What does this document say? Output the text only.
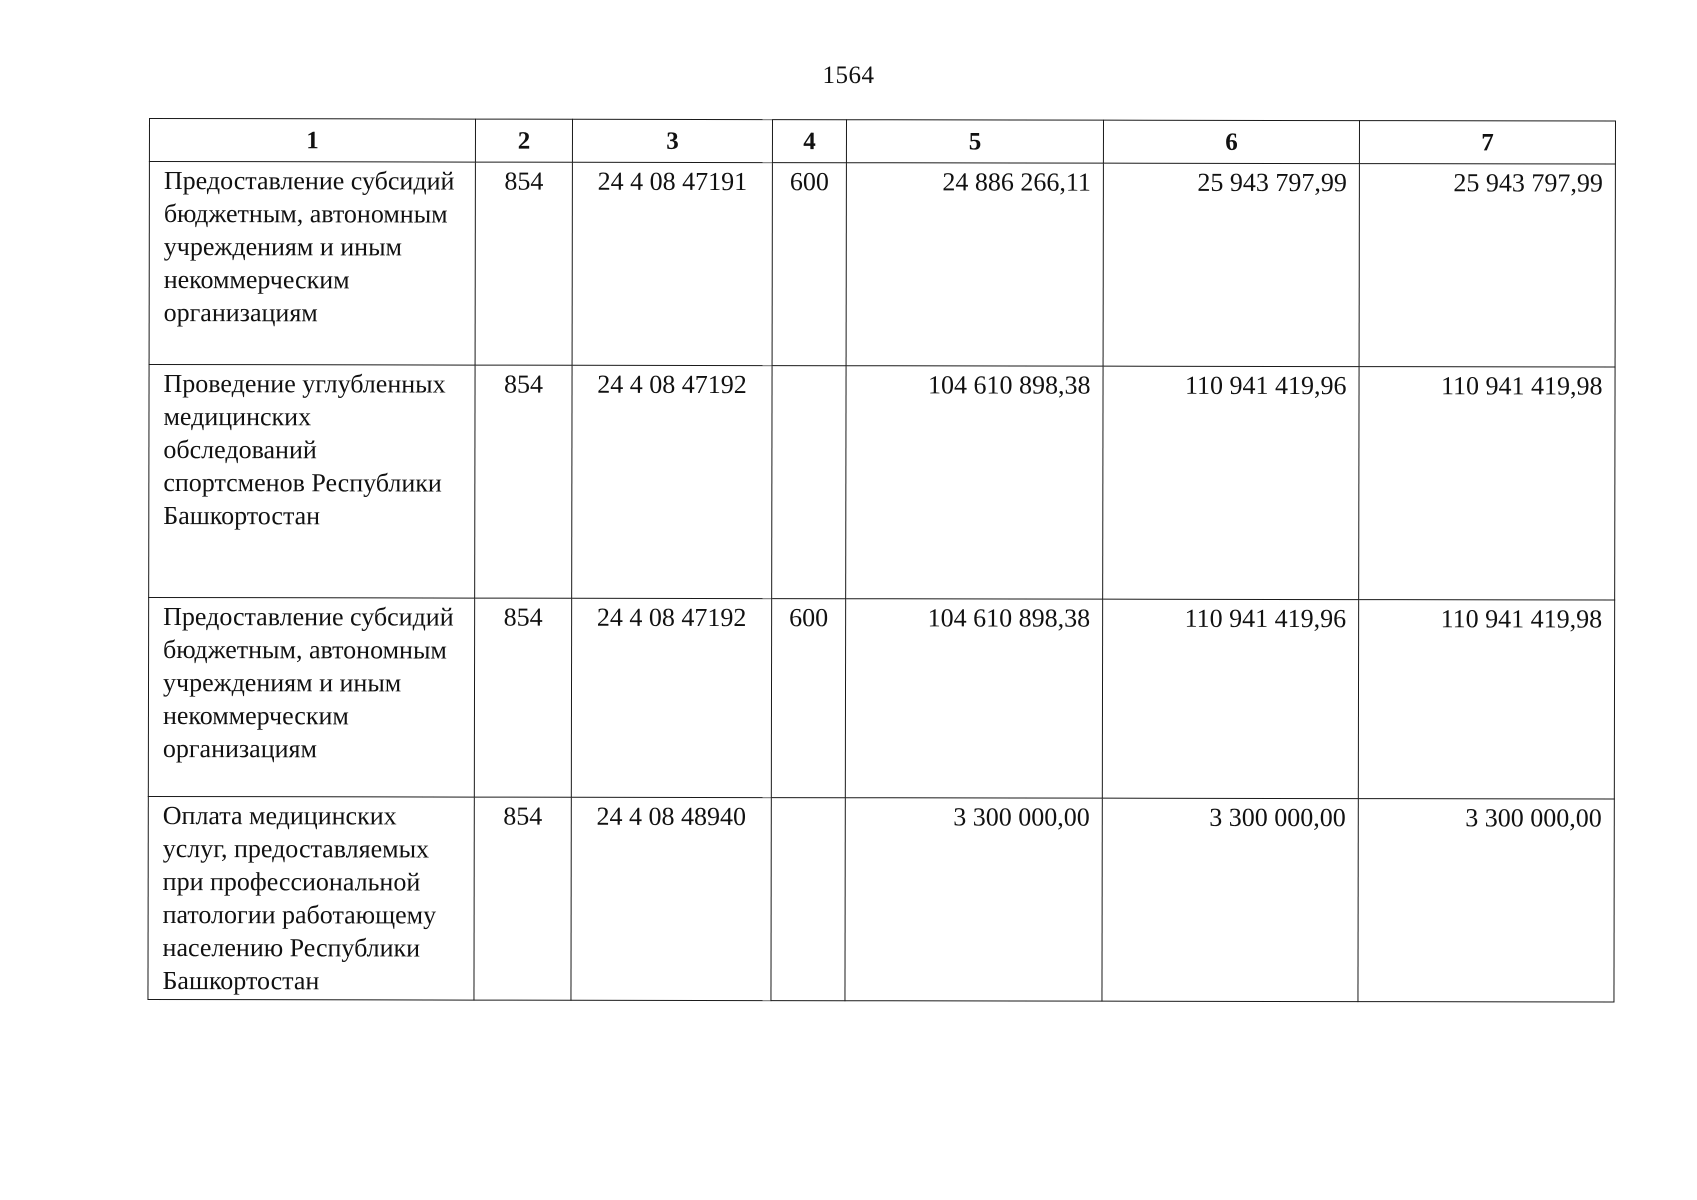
1564
1	2	3	4	5	6	7
Предоставление субсидий бюджетным, автономным учреждениям и иным некоммерческим организациям	854	24 4 08 47191	600	24 886 266,11	25 943 797,99	25 943 797,99
Проведение углубленных медицинских обследований спортсменов Республики Башкортостан	854	24 4 08 47192		104 610 898,38	110 941 419,96	110 941 419,98
Предоставление субсидий бюджетным, автономным учреждениям и иным некоммерческим организациям	854	24 4 08 47192	600	104 610 898,38	110 941 419,96	110 941 419,98
Оплата медицинских услуг, предоставляемых при профессиональной патологии работающему населению Республики Башкортостан	854	24 4 08 48940		3 300 000,00	3 300 000,00	3 300 000,00
